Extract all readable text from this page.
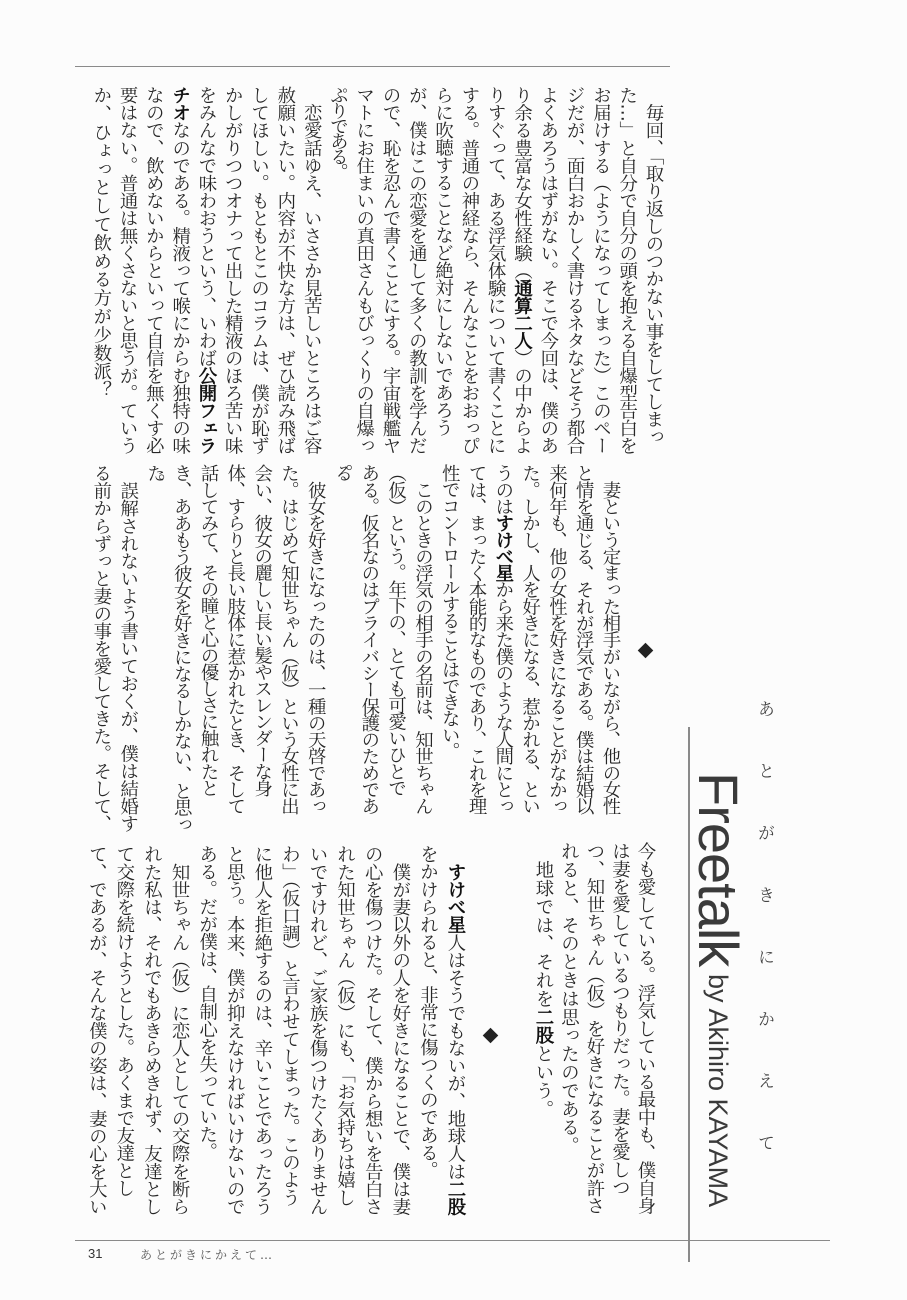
　毎回、「取り返しのつかない事をしてしまっ
た…」と自分で自分の頭を抱える自爆型告白を
お届けする（ようになってしまった）このペー
ジだが、面白おかしく書けるネタなどそう都合
よくあろうはずがない。そこで今回は、僕のあ
り余る豊富な女性経験（通算二人）の中からよ
りすぐって、ある浮気体験について書くことに
する。普通の神経なら、そんなことをおおっぴ
らに吹聴することなど絶対にしないであろう
が、僕はこの恋愛を通して多くの教訓を学んだ
ので、恥を忍んで書くことにする。宇宙戦艦ヤ
マトにお住まいの真田さんもびっくりの自爆っ
ぷりである。
　恋愛話ゆえ、いささか見苦しいところはご容
赦願いたい。内容が不快な方は、ぜひ読み飛ば
してほしい。もともとこのコラムは、僕が恥ず
かしがりつつオナって出した精液のほろ苦い味
をみんなで味わおうという、いわば公開フェラ
チオなのである。精液って喉にからむ独特の味
なので、飲めないからといって自信を無くす必
要はない。普通は無くさないと思うが。ていう
か、ひょっとして飲める方が少数派？
　妻という定まった相手がいながら、他の女性
と情を通じる、それが浮気である。僕は結婚以
来何年も、他の女性を好きになることがなかっ
た。しかし、人を好きになる、惹かれる、とい
うのはすけべ星から来た僕のような人間にとっ
ては、まったく本能的なものであり、これを理
性でコントロールすることはできない。
　このときの浮気の相手の名前は、知世ちゃん
（仮）という。年下の、とても可愛いひとで
ある。仮名なのはプライバシー保護のためであ
　彼女を好きになったのは、一種の天啓であっ
た。はじめて知世ちゃん（仮）という女性に出
会い、彼女の麗しい長い髪やスレンダーな身
体、すらりと長い肢体に惹かれたとき、そして
話してみて、その瞳と心の優しさに触れたと
き、ああもう彼女を好きになるしかない、と思っ
た。
　誤解されないよう書いておくが、僕は結婚す
る前からずっと妻の事を愛してきた。そして、
今も愛している。浮気している最中も、僕自身
は妻を愛しているつもりだった。妻を愛しつ
つ、知世ちゃん（仮）を好きになることが許さ
れると、そのときは思ったのである。
　地球では、それを二股という。
　すけべ星人はそうでもないが、地球人は二股
をかけられると、非常に傷つくのである。
　僕が妻以外の人を好きになることで、僕は妻
の心を傷つけた。そして、僕から想いを告白さ
れた知世ちゃん（仮）にも、「お気持ちは嬉し
いですけれど、ご家族を傷つけたくありません
わ」（仮口調）と言わせてしまった。このよう
に他人を拒絶するのは、辛いことであったろう
と思う。本来、僕が抑えなければいけないので
ある。だが僕は、自制心を失っていた。
　知世ちゃん（仮）に恋人としての交際を断ら
れた私は、それでもあきらめきれず、友達とし
て交際を続けようとした。あくまで友達とし
て、であるが、そんな僕の姿は、妻の心を大い	Freetalkby Akihiro KAYAMA	あとがきにかえて
31	あとがきにかえて…
